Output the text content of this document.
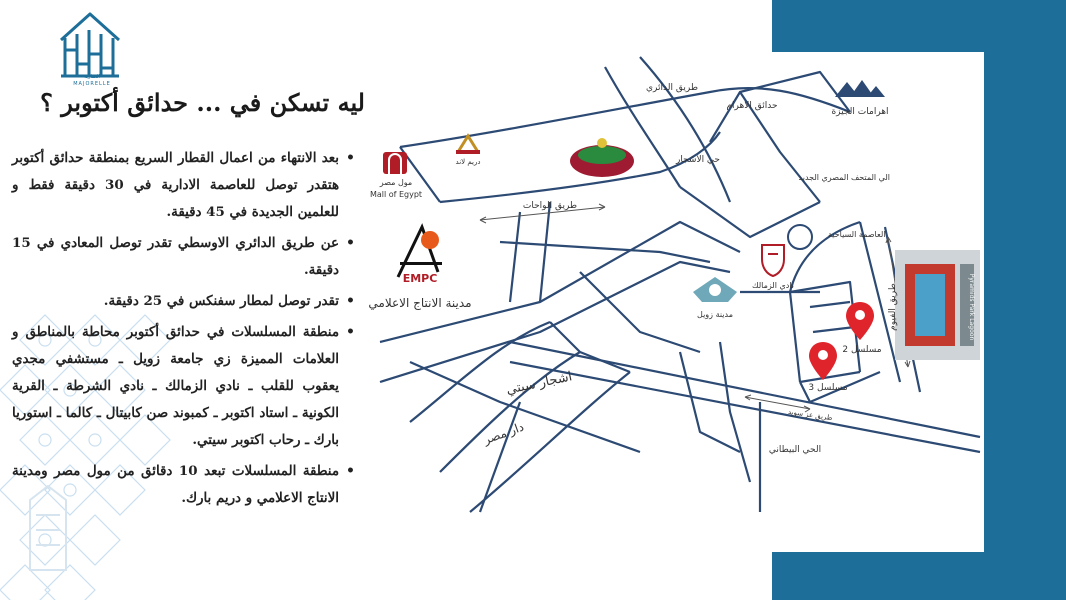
العقاريه
MAJORELLE
ليه تسكن في ... حدائق أكتوبر ؟
• بعد الانتهاء من اعمال القطار السريع بمنطقة حدائق أكتوبر هتقدر توصل للعاصمة الادارية في 30 دقيقة فقط و للعلمين الجديدة في 45 دقيقة.
• عن طريق الدائري الاوسطي تقدر توصل المعادي في 15 دقيقة.
• تقدر توصل لمطار سفنكس في 25 دقيقة.
• منطقة المسلسلات في حدائق أكتوبر محاطة بالمناطق و العلامات المميزة زي جامعة زويل ـ مستشفي مجدي يعقوب للقلب ـ نادي الزمالك ـ نادي الشرطة ـ القرية الكونية ـ استاد اكتوبر ـ كمبوند صن كابيتال ـ كالما ـ استوريا بارك ـ رحاب اكتوبر سيتي.
• منطقة المسلسلات تبعد 10 دقائق من مول مصر ومدينة الانتاج الاعلامي و دريم بارك.
طريق الدائري
حدائق الاهرام
اهرامات الجيزة
الي المتحف المصري الجديد
حي الاشجار
طريق الواحات
العاصمة السياحية
طريق الفيوم
مدينة زويل
نادي الزمالك
مدينة الانتاج الاعلامي
EMPC
مول مصر
Mall of Egypt
دريم لاند
اشجار سيتي
دار مصر
طريق عز سويد
الحي البيطاني
مسلسل 2
مسلسل 3
Pyramids Park Lagoon
